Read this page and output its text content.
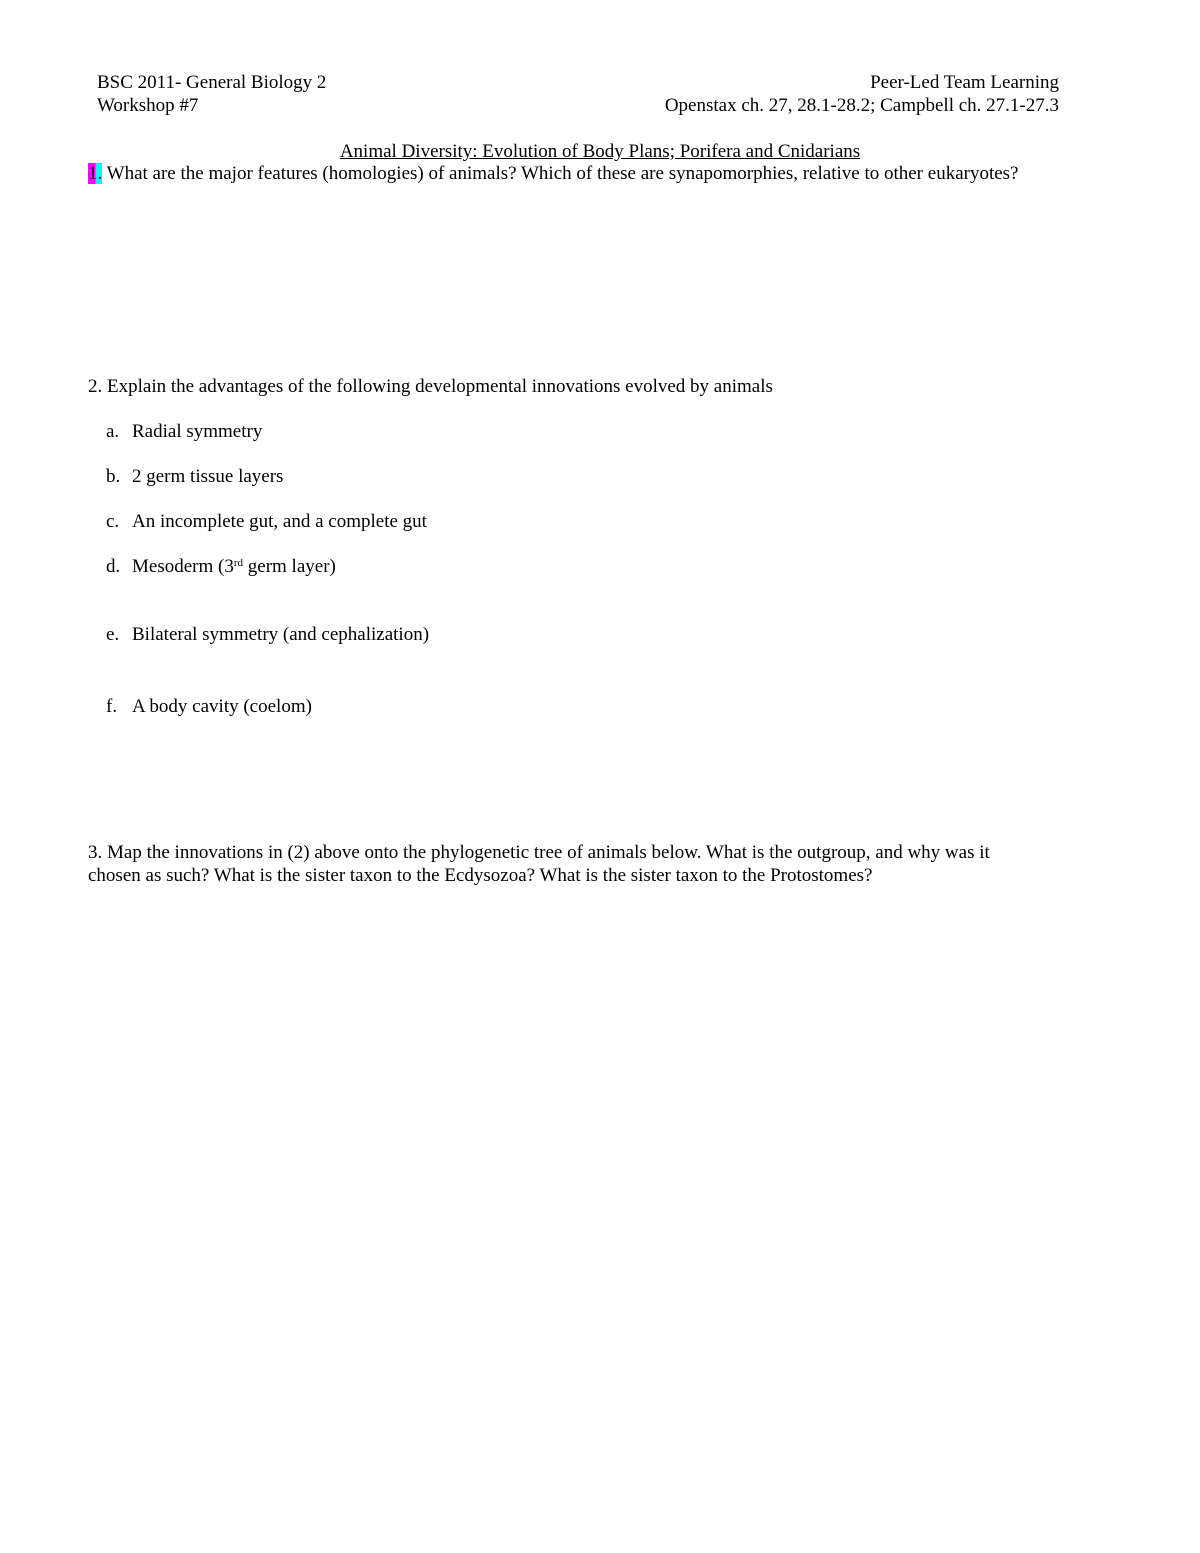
BSC 2011- General Biology 2
Workshop #7
Peer-Led Team Learning
Openstax ch. 27, 28.1-28.2; Campbell ch. 27.1-27.3
Animal Diversity: Evolution of Body Plans; Porifera and Cnidarians
1. What are the major features (homologies) of animals? Which of these are synapomorphies, relative to other eukaryotes?
2. Explain the advantages of the following developmental innovations evolved by animals
a. Radial symmetry
b. 2 germ tissue layers
c. An incomplete gut, and a complete gut
d. Mesoderm (3rd germ layer)
e. Bilateral symmetry (and cephalization)
f. A body cavity (coelom)
3. Map the innovations in (2) above onto the phylogenetic tree of animals below. What is the outgroup, and why was it
chosen as such? What is the sister taxon to the Ecdysozoa? What is the sister taxon to the Protostomes?
